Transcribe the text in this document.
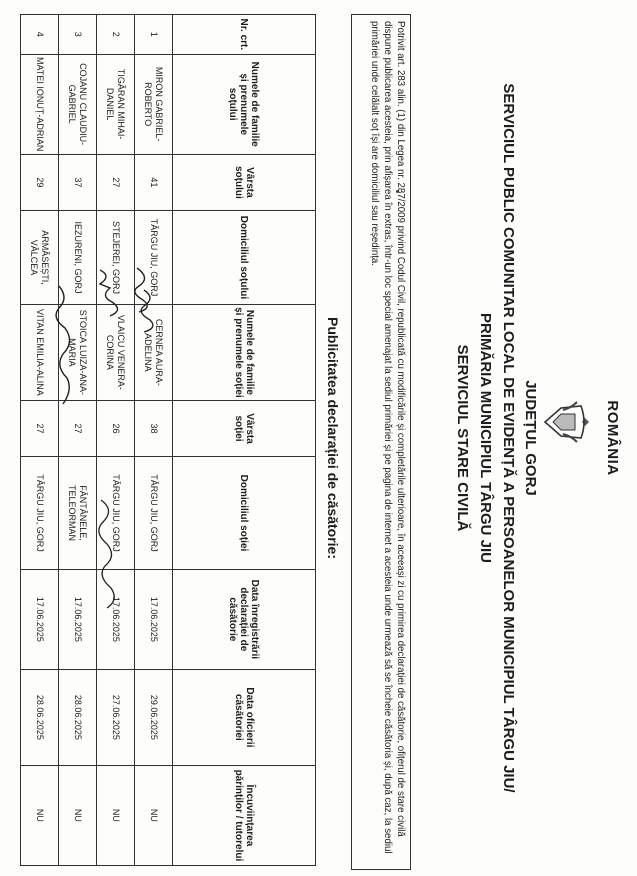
ROMÂNIA
JUDEȚUL GORJ
SERVICIUL PUBLIC COMUNITAR LOCAL DE EVIDENȚĂ A PERSOANELOR MUNICIPIUL TÂRGU JIU/
PRIMĂRIA MUNICIPIUL TÂRGU JIU
SERVICIUL STARE CIVILĂ
Potrivit art. 283 alin. (1) din Legea nr. 287/2009 privind Codul Civil, republicată cu modificările și completările ulterioare, în aceeași zi cu primirea declarației de căsătorie, ofițerul de stare civilă dispune publicarea acesteia, prin afișarea în extras, într-un loc special amenajat la sediul primăriei și pe pagina de internet a acesteia unde urmează să se încheie căsătoria și, după caz, la sediul primăriei unde celălalt soț își are domiciliul sau reședința.
Publicitatea declarației de căsătorie:
Nr. crt.	Numele de familie și prenumele soțului	Vârsta soțului	Domiciliul soțului	Numele de familie și prenumele soției	Vârsta soției	Domiciliul soției	Data înregistrării declarației de căsătorie	Data oficierii căsătoriei	Încuviințarea părinților / tutorelui
1	MIRON GABRIEL-ROBERTO	41	TÂRGU JIU, GORJ	CERNEA AURA-ADELINA	38	TÂRGU JIU, GORJ	17.06.2025	29.06.2025	NU
2	TIGĂRAN MIHAI-DANIEL	27	STEJEREI, GORJ	VLAICU VENERA-CORINA	26	TÂRGU JIU, GORJ	17.06.2025	27.06.2025	NU
3	COJANU CLAUDIU-GABRIEL	37	IEZURENI, GORJ	STOICA LUIZA-ANA-MARIA	27	FÂNTÂNELE, TELEORMAN	17.06.2025	28.06.2025	NU
4	MATEI IONUȚ-ADRIAN	29	ARMĂSEȘTI, VÂLCEA	VITAN EMILIA-ALINA	27	TÂRGU JIU, GORJ	17.06.2025	28.06.2025	NU
